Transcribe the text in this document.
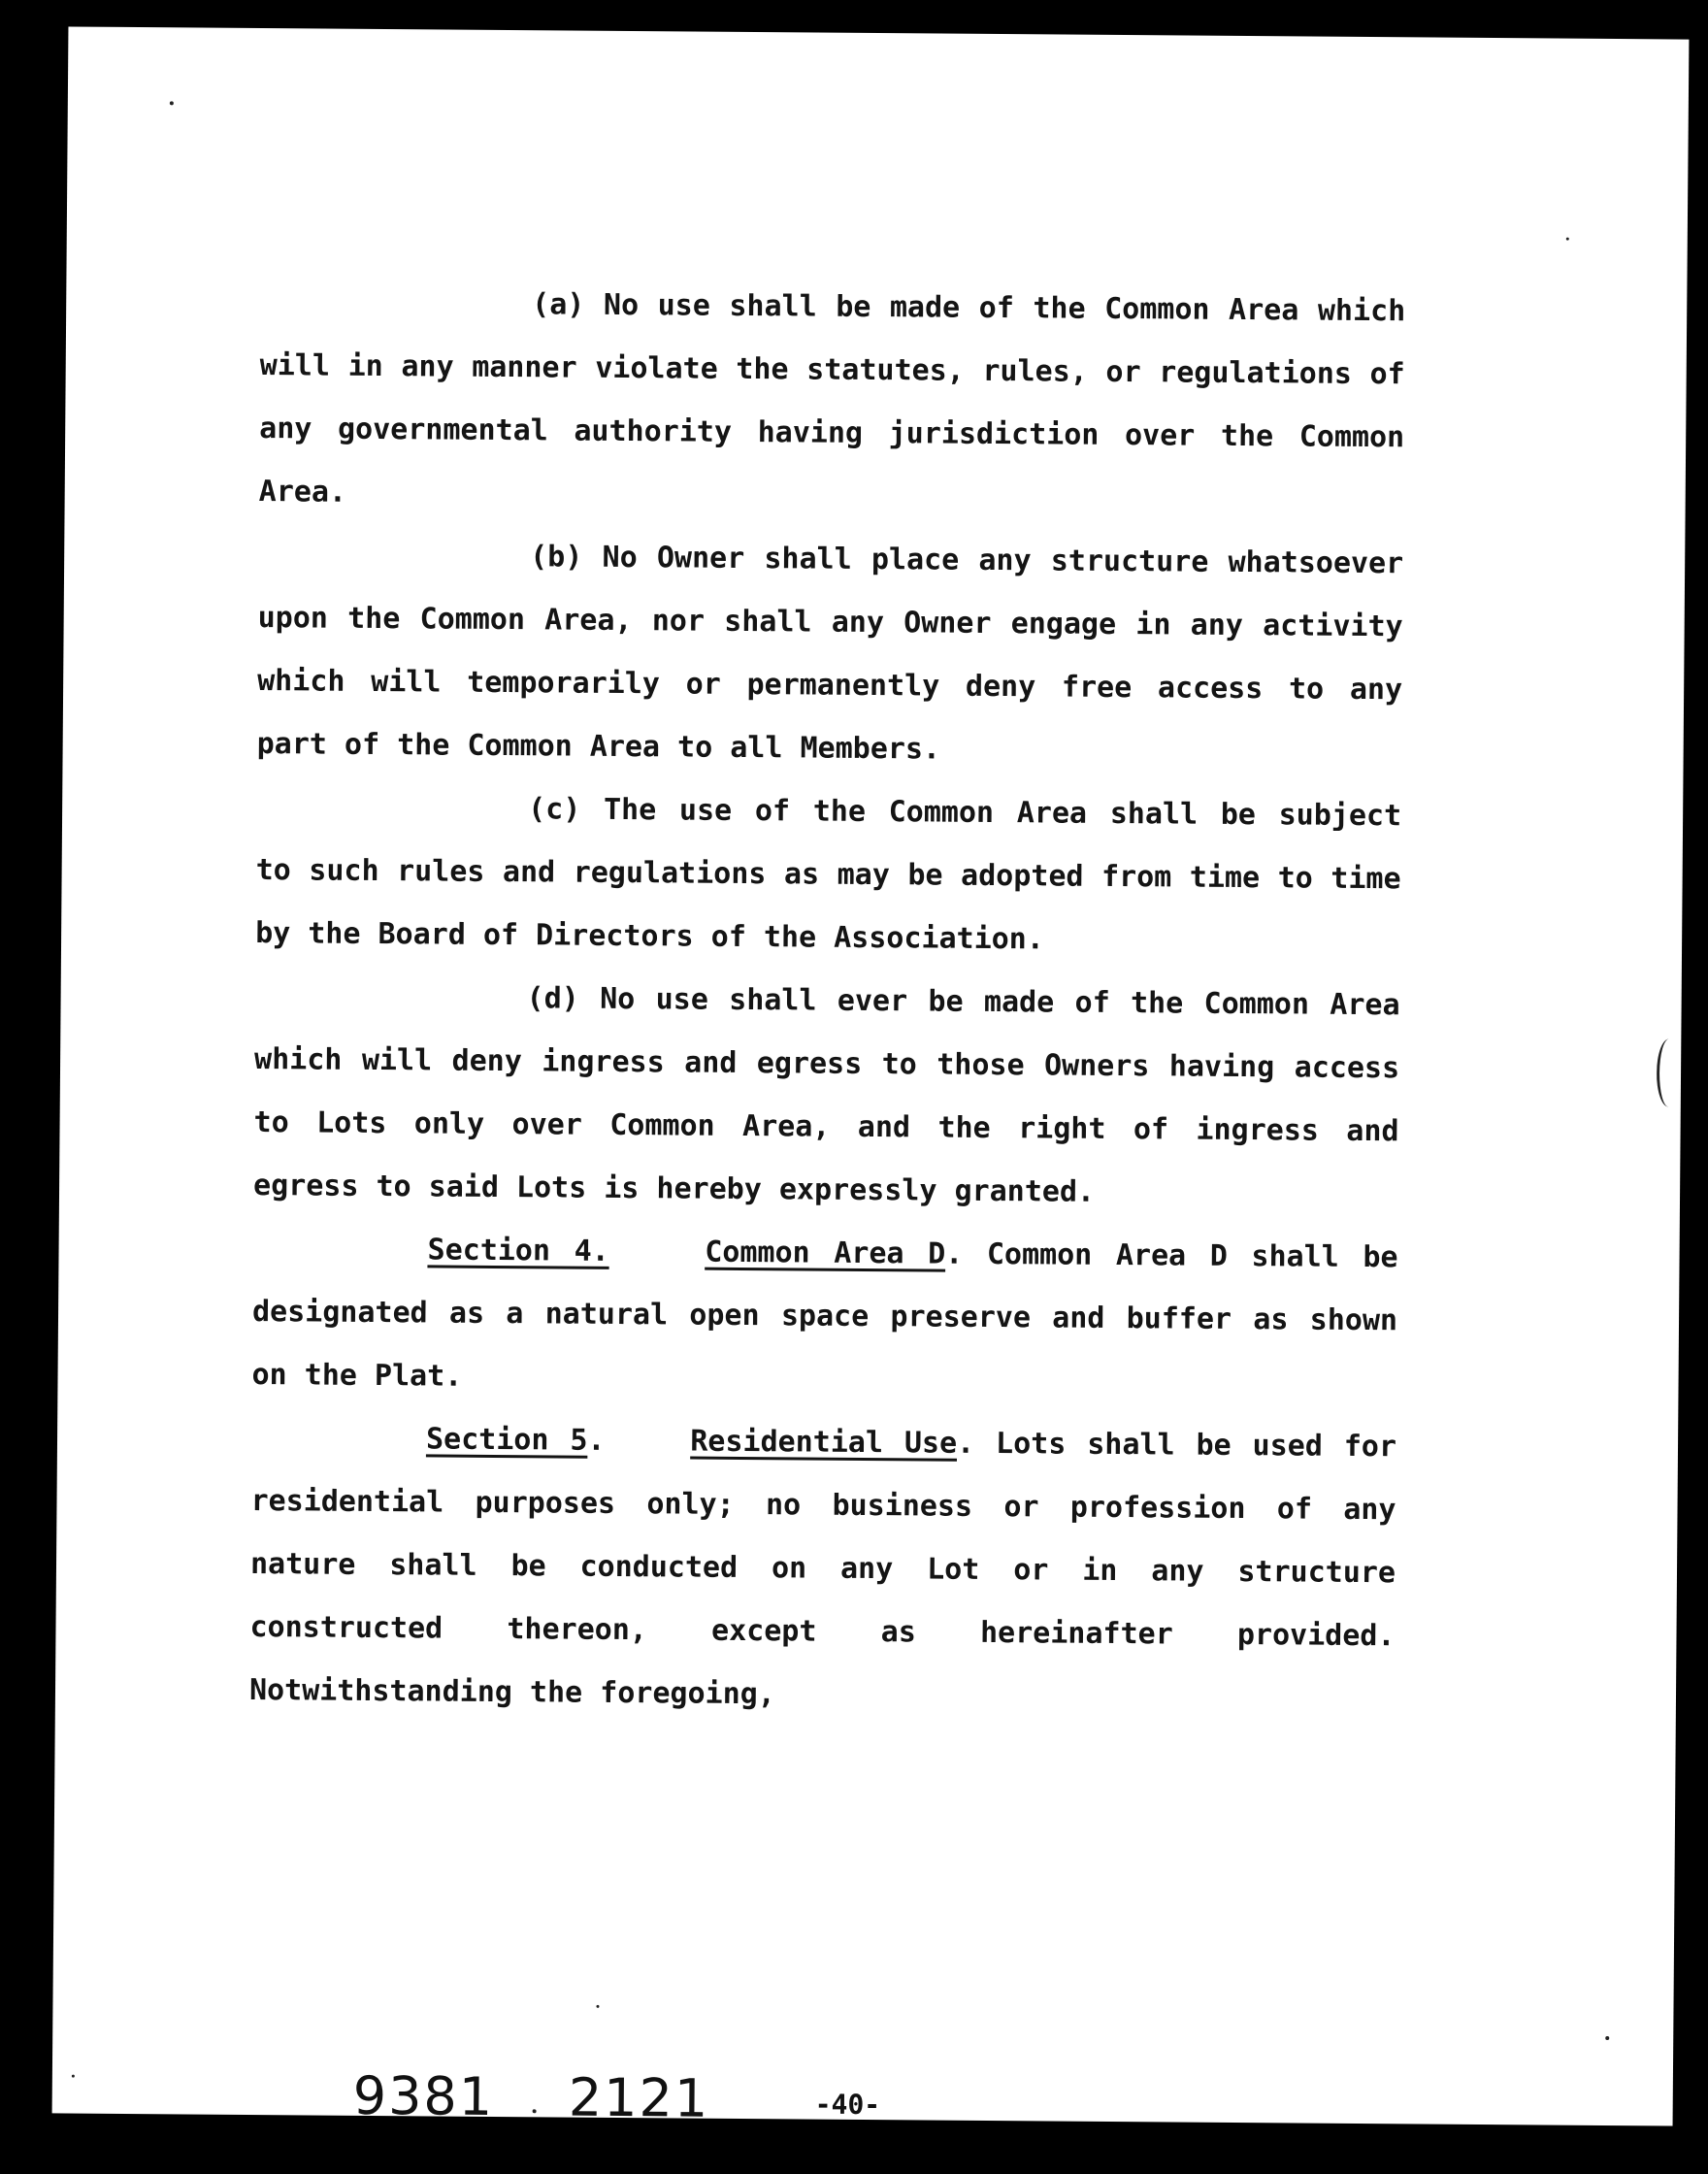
(a) No use shall be made of the Common Area which will in any manner violate the statutes, rules, or regulations of any governmental authority having jurisdiction over the Common Area.

(b) No Owner shall place any structure whatsoever upon the Common Area, nor shall any Owner engage in any activity which will temporarily or permanently deny free access to any part of the Common Area to all Members.

(c) The use of the Common Area shall be subject to such rules and regulations as may be adopted from time to time by the Board of Directors of the Association.

(d) No use shall ever be made of the Common Area which will deny ingress and egress to those Owners having access to Lots only over Common Area, and the right of ingress and egress to said Lots is hereby expressly granted.

Section 4.	Common Area D. Common Area D shall be designated as a natural open space preserve and buffer as shown on the Plat.

Section 5.	Residential Use. Lots shall be used for residential purposes only; no business or profession of any nature shall be conducted on any Lot or in any structure constructed thereon, except as hereinafter provided. Notwithstanding the foregoing,

9381 2121	-40-
